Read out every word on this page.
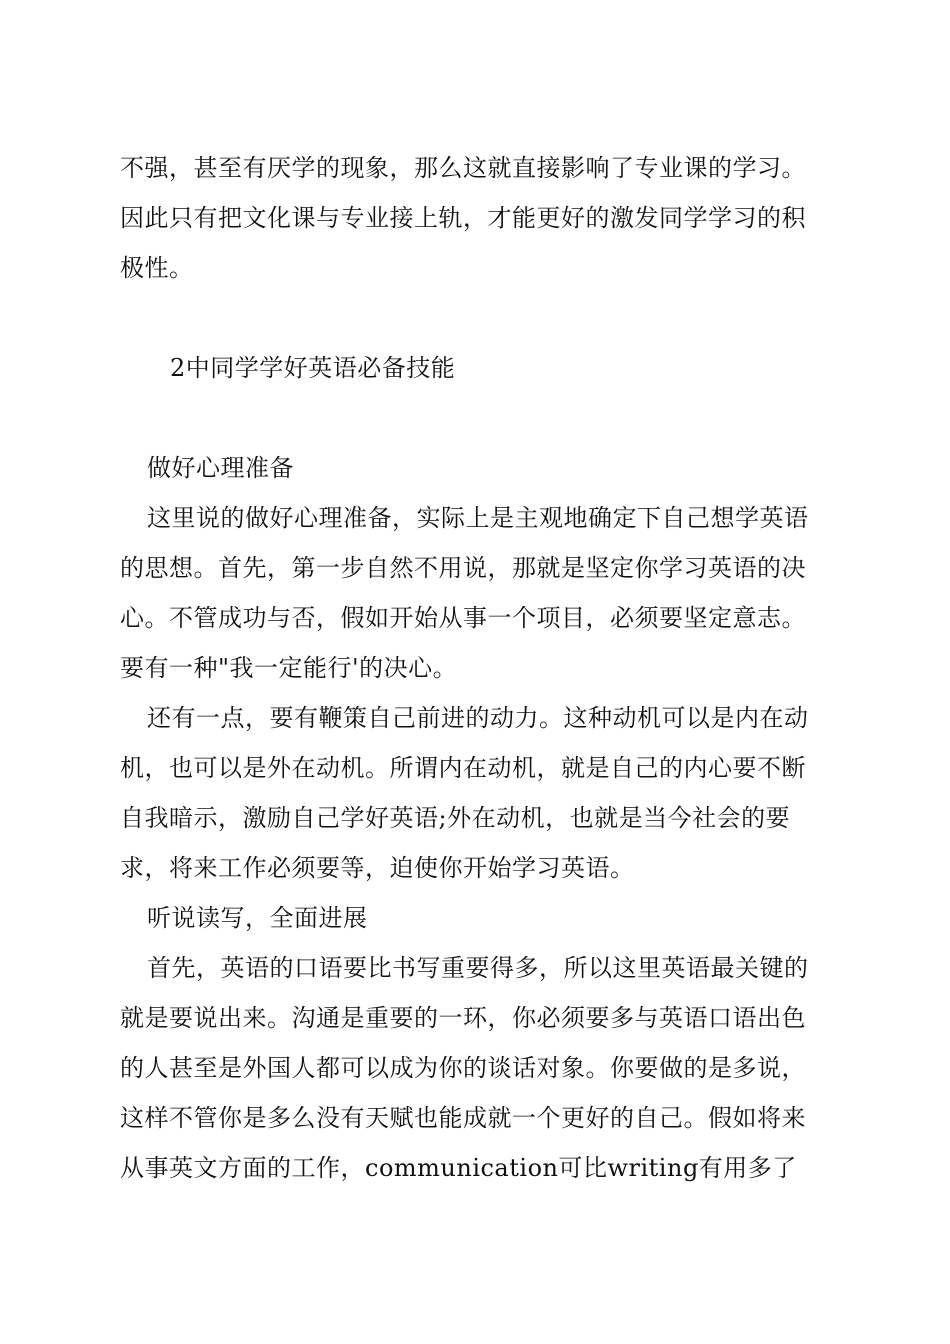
不强，甚至有厌学的现象，那么这就直接影响了专业课的学习。
因此只有把文化课与专业接上轨，才能更好的激发同学学习的积
极性。
2中同学学好英语必备技能
做好心理准备
这里说的做好心理准备，实际上是主观地确定下自己想学英语
的思想。首先，第一步自然不用说，那就是坚定你学习英语的决
心。不管成功与否，假如开始从事一个项目，必须要坚定意志。
要有一种"我一定能行'的决心。
还有一点，要有鞭策自己前进的动力。这种动机可以是内在动
机，也可以是外在动机。所谓内在动机，就是自己的内心要不断
自我暗示，激励自己学好英语;外在动机，也就是当今社会的要
求，将来工作必须要等，迫使你开始学习英语。
听说读写，全面进展
首先，英语的口语要比书写重要得多，所以这里英语最关键的
就是要说出来。沟通是重要的一环，你必须要多与英语口语出色
的人甚至是外国人都可以成为你的谈话对象。你要做的是多说，
这样不管你是多么没有天赋也能成就一个更好的自己。假如将来
从事英文方面的工作，communication可比writing有用多了
